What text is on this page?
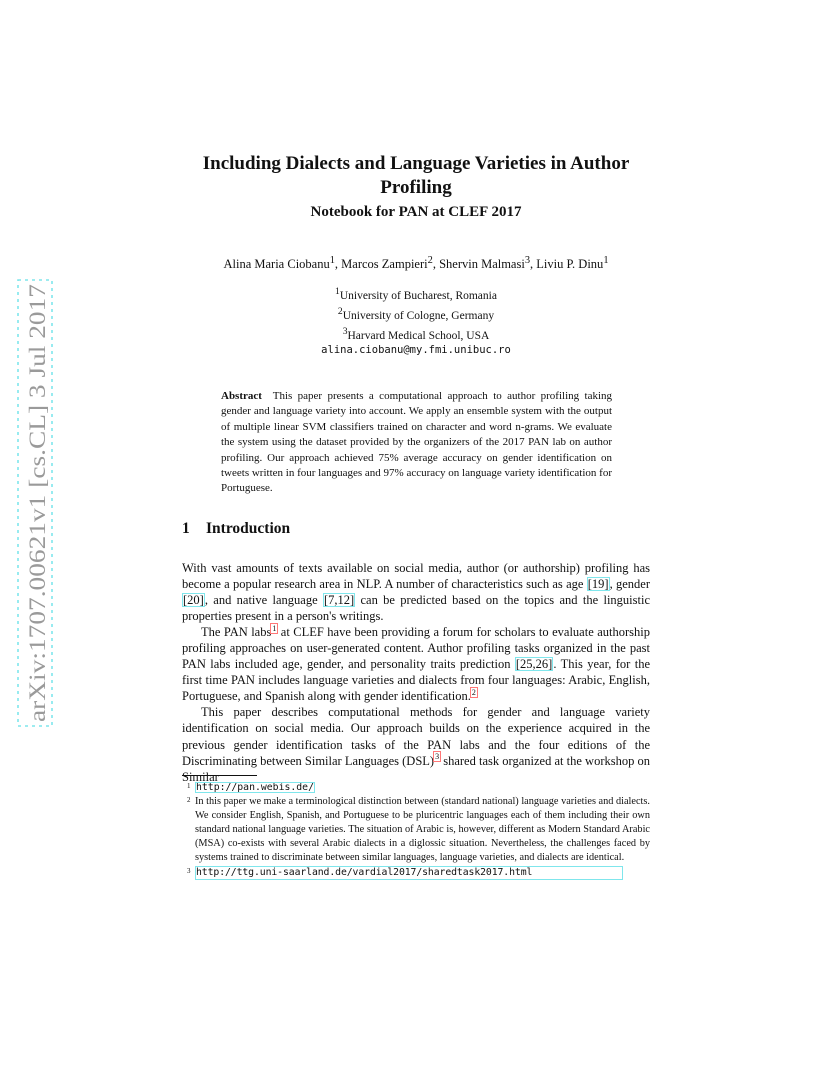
arXiv:1707.00621v1 [cs.CL] 3 Jul 2017
Including Dialects and Language Varieties in Author Profiling
Notebook for PAN at CLEF 2017
Alina Maria Ciobanu$^1$, Marcos Zampieri$^2$, Shervin Malmasi$^3$, Liviu P. Dinu$^1$
$^1$University of Bucharest, Romania
$^2$University of Cologne, Germany
$^3$Harvard Medical School, USA
alina.ciobanu@my.fmi.unibuc.ro
Abstract This paper presents a computational approach to author profiling taking gender and language variety into account. We apply an ensemble system with the output of multiple linear SVM classifiers trained on character and word n-grams. We evaluate the system using the dataset provided by the organizers of the 2017 PAN lab on author profiling. Our approach achieved 75% average accuracy on gender identification on tweets written in four languages and 97% accuracy on language variety identification for Portuguese.
1 Introduction

With vast amounts of texts available on social media, author (or authorship) profiling has become a popular research area in NLP. A number of characteristics such as age [19], gender [20], and native language [7,12] can be predicted based on the topics and the linguistic properties present in a person's writings.

The PAN labs$^1$ at CLEF have been providing a forum for scholars to evaluate authorship profiling approaches on user-generated content. Author profiling tasks organized in the past PAN labs included age, gender, and personality traits prediction [25,26]. This year, for the first time PAN includes language varieties and dialects from four languages: Arabic, English, Portuguese, and Spanish along with gender identification.$^2$

This paper describes computational methods for gender and language variety identification on social media. Our approach builds on the experience acquired in the previous gender identification tasks of the PAN labs and the four editions of the Discriminating between Similar Languages (DSL)$^3$ shared task organized at the workshop on Similar

1 http://pan.webis.de/
2 In this paper we make a terminological distinction between (standard national) language varieties and dialects. We consider English, Spanish, and Portuguese to be pluricentric languages each of them including their own standard national language varieties. The situation of Arabic is, however, different as Modern Standard Arabic (MSA) co-exists with several Arabic dialects in a diglossic situation. Nevertheless, the challenges faced by systems trained to discriminate between similar languages, language varieties, and dialects are identical.
3 http://ttg.uni-saarland.de/vardial2017/sharedtask2017.html
